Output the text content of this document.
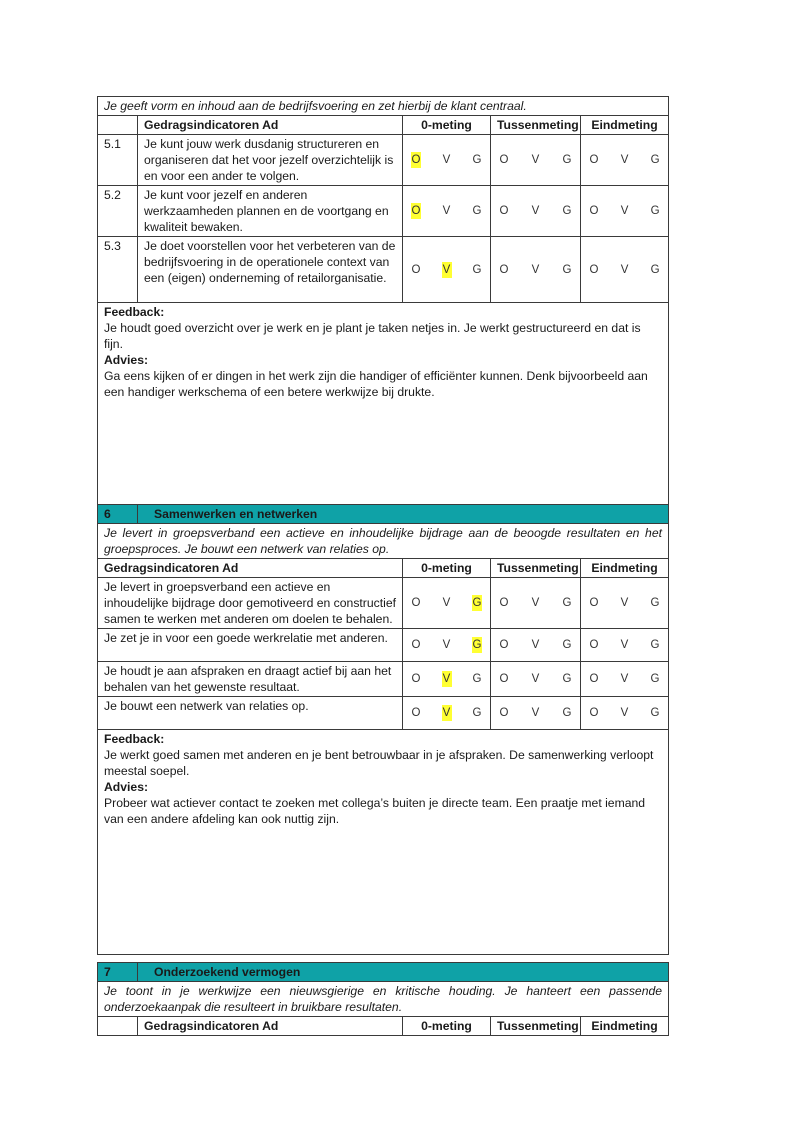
Je geeft vorm en inhoud aan de bedrijfsvoering en zet hierbij de klant centraal.				
	Gedragsindicatoren Ad	0-meting	Tussenmeting	Eindmeting
5.1	Je kunt jouw werk dusdanig structureren en organiseren dat het voor jezelf overzichtelijk is en voor een ander te volgen.	O V G	O V G	O V G

5.2	Je kunt voor jezelf en anderen werkzaamheden plannen en de voortgang en kwaliteit bewaken.	O V G	O V G	O V G

5.3	Je doet voorstellen voor het verbeteren van de bedrijfsvoering in de operationele context van een (eigen) onderneming of retailorganisatie.	O V G	O V G	O V G

Feedback:
Je houdt goed overzicht over je werk en je plant je taken netjes in. Je werkt gestructureerd en dat is fijn.
Advies:
Ga eens kijken of er dingen in het werk zijn die handiger of efficiënter kunnen. Denk bijvoorbeeld aan een handiger werkschema of een betere werkwijze bij drukte.				
6	Samenwerken en netwerken			
Je levert in groepsverband een actieve en inhoudelijke bijdrage aan de beoogde resultaten en het groepsproces. Je bouwt een netwerk van relaties op.				
Gedragsindicatoren Ad		0-meting	Tussenmeting	Eindmeting
Je levert in groepsverband een actieve en inhoudelijke bijdrage door gemotiveerd en constructief samen te werken met anderen om doelen te behalen.		O V G	O V G	O V G

Je zet je in voor een goede werkrelatie met anderen.		O V G	O V G	O V G

Je houdt je aan afspraken en draagt actief bij aan het behalen van het gewenste resultaat.		O V G	O V G	O V G

Je bouwt een netwerk van relaties op.		O V G	O V G	O V G

Feedback:
Je werkt goed samen met anderen en je bent betrouwbaar in je afspraken. De samenwerking verloopt meestal soepel.
Advies:
Probeer wat actiever contact te zoeken met collega’s buiten je directe team. Een praatje met iemand van een andere afdeling kan ook nuttig zijn.				
7	Onderzoekend vermogen			
Je toont in je werkwijze een nieuwsgierige en kritische houding. Je hanteert een passende onderzoekaanpak die resulteert in bruikbare resultaten.				
	Gedragsindicatoren Ad	0-meting	Tussenmeting	Eindmeting
